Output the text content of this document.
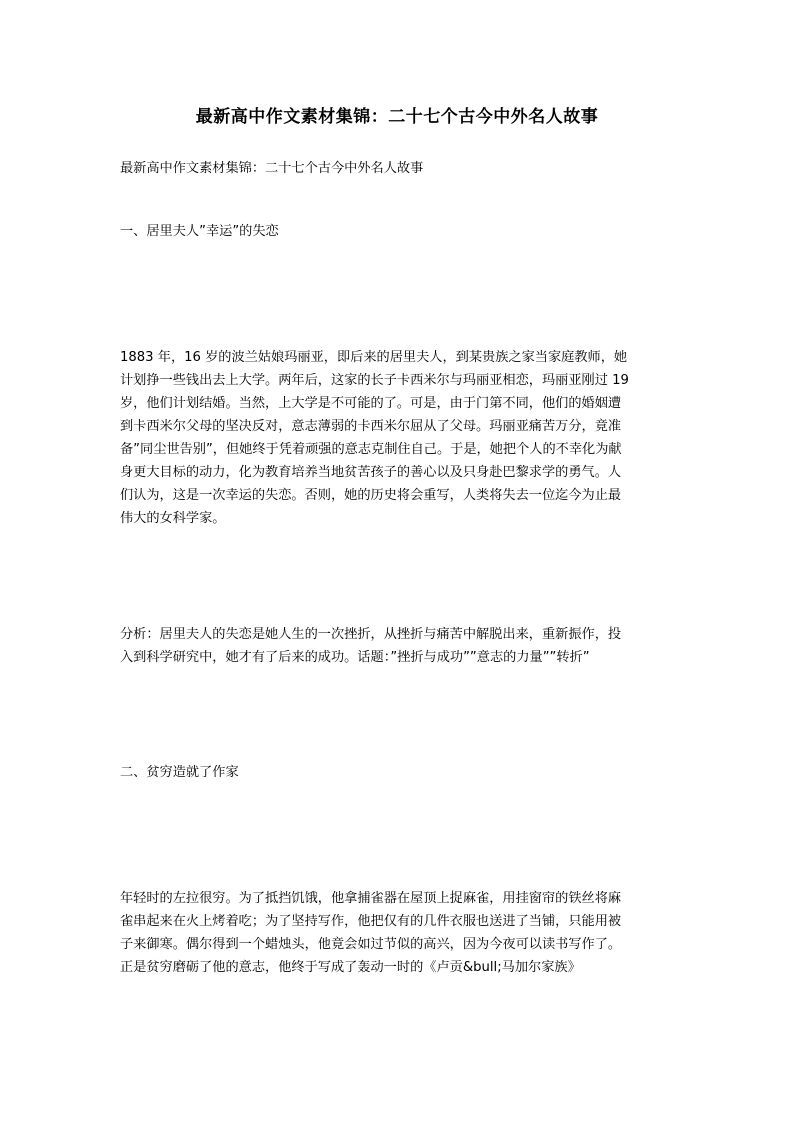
最新高中作文素材集锦：二十七个古今中外名人故事
最新高中作文素材集锦：二十七个古今中外名人故事
一、居里夫人”幸运”的失恋
1883 年，16 岁的波兰姑娘玛丽亚，即后来的居里夫人，到某贵族之家当家庭教师，她
计划挣一些钱出去上大学。两年后，这家的长子卡西米尔与玛丽亚相恋，玛丽亚刚过 19
岁，他们计划结婚。当然，上大学是不可能的了。可是，由于门第不同，他们的婚姻遭
到卡西米尔父母的坚决反对，意志薄弱的卡西米尔屈从了父母。玛丽亚痛苦万分，竟准
备”同尘世告别”，但她终于凭着顽强的意志克制住自己。于是，她把个人的不幸化为献
身更大目标的动力，化为教育培养当地贫苦孩子的善心以及只身赴巴黎求学的勇气。人
们认为，这是一次幸运的失恋。否则，她的历史将会重写，人类将失去一位迄今为止最
伟大的女科学家。
分析：居里夫人的失恋是她人生的一次挫折，从挫折与痛苦中解脱出来，重新振作，投
入到科学研究中，她才有了后来的成功。话题：”挫折与成功””意志的力量””转折”
二、贫穷造就了作家
年轻时的左拉很穷。为了抵挡饥饿，他拿捕雀器在屋顶上捉麻雀，用挂窗帘的铁丝将麻
雀串起来在火上烤着吃；为了坚持写作，他把仅有的几件衣服也送进了当铺，只能用被
子来御寒。偶尔得到一个蜡烛头，他竟会如过节似的高兴，因为今夜可以读书写作了。
正是贫穷磨砺了他的意志，他终于写成了轰动一时的《卢贡&bull;马加尔家族》
